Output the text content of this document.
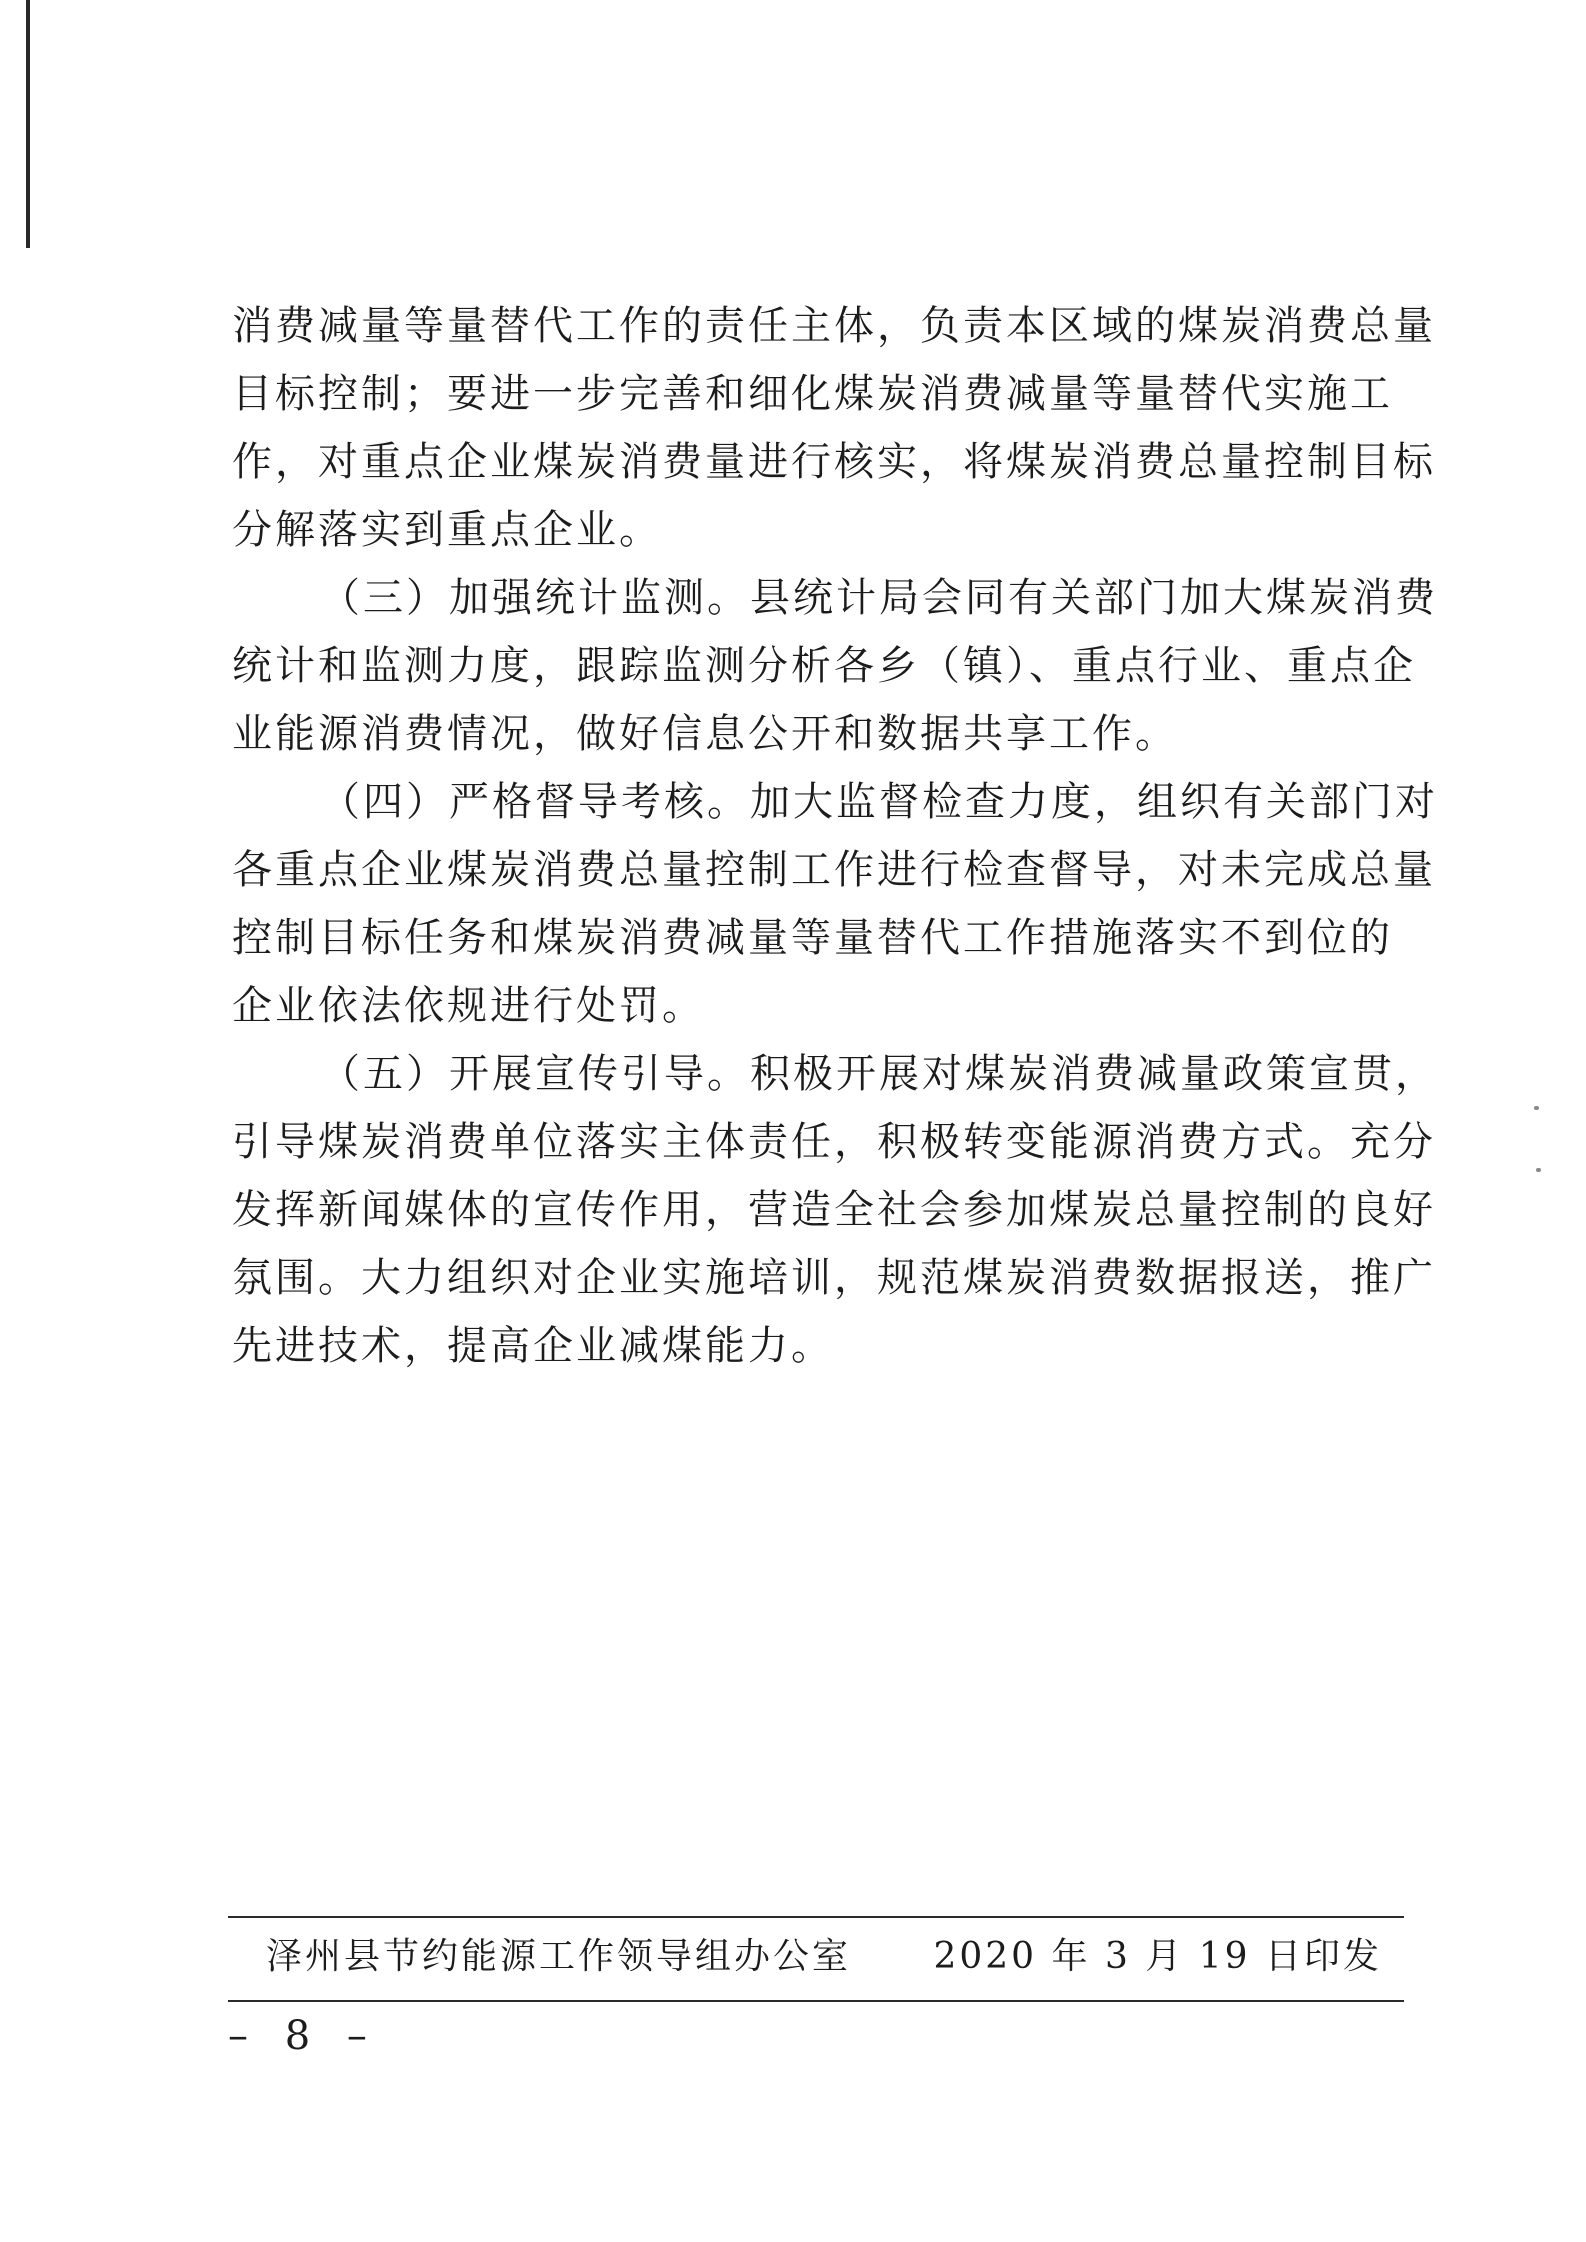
消费减量等量替代工作的责任主体，负责本区域的煤炭消费总量
目标控制；要进一步完善和细化煤炭消费减量等量替代实施工
作，对重点企业煤炭消费量进行核实，将煤炭消费总量控制目标
分解落实到重点企业。
（三）加强统计监测。县统计局会同有关部门加大煤炭消费
统计和监测力度，跟踪监测分析各乡（镇）、重点行业、重点企
业能源消费情况，做好信息公开和数据共享工作。
（四）严格督导考核。加大监督检查力度，组织有关部门对
各重点企业煤炭消费总量控制工作进行检查督导，对未完成总量
控制目标任务和煤炭消费减量等量替代工作措施落实不到位的
企业依法依规进行处罚。
（五）开展宣传引导。积极开展对煤炭消费减量政策宣贯，
引导煤炭消费单位落实主体责任，积极转变能源消费方式。充分
发挥新闻媒体的宣传作用，营造全社会参加煤炭总量控制的良好
氛围。大力组织对企业实施培训，规范煤炭消费数据报送，推广
先进技术，提高企业减煤能力。
泽州县节约能源工作领导组办公室 2020 年 3 月 19 日印发
– 8 –
